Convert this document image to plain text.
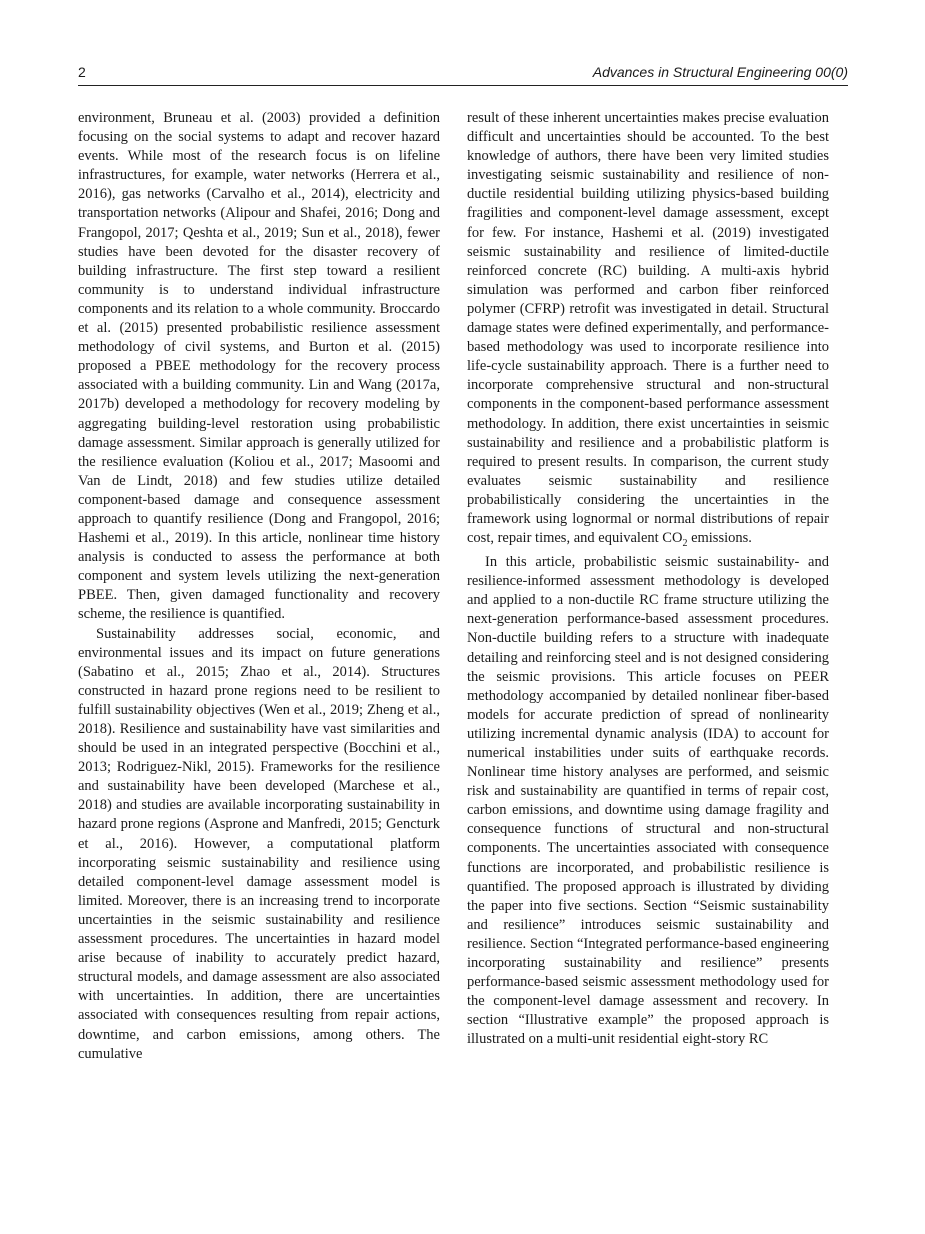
2	Advances in Structural Engineering 00(0)

environment, Bruneau et al. (2003) provided a definition focusing on the social systems to adapt and recover hazard events. While most of the research focus is on lifeline infrastructures, for example, water networks (Herrera et al., 2016), gas networks (Carvalho et al., 2014), electricity and transportation networks (Alipour and Shafei, 2016; Dong and Frangopol, 2017; Qeshta et al., 2019; Sun et al., 2018), fewer studies have been devoted for the disaster recovery of building infrastructure. The first step toward a resilient community is to understand individual infrastructure components and its relation to a whole community. Broccardo et al. (2015) presented probabilistic resilience assessment methodology of civil systems, and Burton et al. (2015) proposed a PBEE methodology for the recovery process associated with a building community. Lin and Wang (2017a, 2017b) developed a methodology for recovery modeling by aggregating building-level restoration using probabilistic damage assessment. Similar approach is generally utilized for the resilience evaluation (Koliou et al., 2017; Masoomi and Van de Lindt, 2018) and few studies utilize detailed component-based damage and consequence assessment approach to quantify resilience (Dong and Frangopol, 2016; Hashemi et al., 2019). In this article, nonlinear time history analysis is conducted to assess the performance at both component and system levels utilizing the next-generation PBEE. Then, given damaged functionality and recovery scheme, the resilience is quantified.

Sustainability addresses social, economic, and environmental issues and its impact on future generations (Sabatino et al., 2015; Zhao et al., 2014). Structures constructed in hazard prone regions need to be resilient to fulfill sustainability objectives (Wen et al., 2019; Zheng et al., 2018). Resilience and sustainability have vast similarities and should be used in an integrated perspective (Bocchini et al., 2013; Rodriguez-Nikl, 2015). Frameworks for the resilience and sustainability have been developed (Marchese et al., 2018) and studies are available incorporating sustainability in hazard prone regions (Asprone and Manfredi, 2015; Gencturk et al., 2016). However, a computational platform incorporating seismic sustainability and resilience using detailed component-level damage assessment model is limited. Moreover, there is an increasing trend to incorporate uncertainties in the seismic sustainability and resilience assessment procedures. The uncertainties in hazard model arise because of inability to accurately predict hazard, structural models, and damage assessment are also associated with uncertainties. In addition, there are uncertainties associated with consequences resulting from repair actions, downtime, and carbon emissions, among others. The cumulative

result of these inherent uncertainties makes precise evaluation difficult and uncertainties should be accounted. To the best knowledge of authors, there have been very limited studies investigating seismic sustainability and resilience of non-ductile residential building utilizing physics-based building fragilities and component-level damage assessment, except for few. For instance, Hashemi et al. (2019) investigated seismic sustainability and resilience of limited-ductile reinforced concrete (RC) building. A multi-axis hybrid simulation was performed and carbon fiber reinforced polymer (CFRP) retrofit was investigated in detail. Structural damage states were defined experimentally, and performance-based methodology was used to incorporate resilience into life-cycle sustainability approach. There is a further need to incorporate comprehensive structural and non-structural components in the component-based performance assessment methodology. In addition, there exist uncertainties in seismic sustainability and resilience and a probabilistic platform is required to present results. In comparison, the current study evaluates seismic sustainability and resilience probabilistically considering the uncertainties in the framework using lognormal or normal distributions of repair cost, repair times, and equivalent $CO_2$ emissions.

In this article, probabilistic seismic sustainability- and resilience-informed assessment methodology is developed and applied to a non-ductile RC frame structure utilizing the next-generation performance-based assessment procedures. Non-ductile building refers to a structure with inadequate detailing and reinforcing steel and is not designed considering the seismic provisions. This article focuses on PEER methodology accompanied by detailed nonlinear fiber-based models for accurate prediction of spread of nonlinearity utilizing incremental dynamic analysis (IDA) to account for numerical instabilities under suits of earthquake records. Nonlinear time history analyses are performed, and seismic risk and sustainability are quantified in terms of repair cost, carbon emissions, and downtime using damage fragility and consequence functions of structural and non-structural components. The uncertainties associated with consequence functions are incorporated, and probabilistic resilience is quantified. The proposed approach is illustrated by dividing the paper into five sections. Section “Seismic sustainability and resilience” introduces seismic sustainability and resilience. Section “Integrated performance-based engineering incorporating sustainability and resilience” presents performance-based seismic assessment methodology used for the component-level damage assessment and recovery. In section “Illustrative example” the proposed approach is illustrated on a multi-unit residential eight-story RC
